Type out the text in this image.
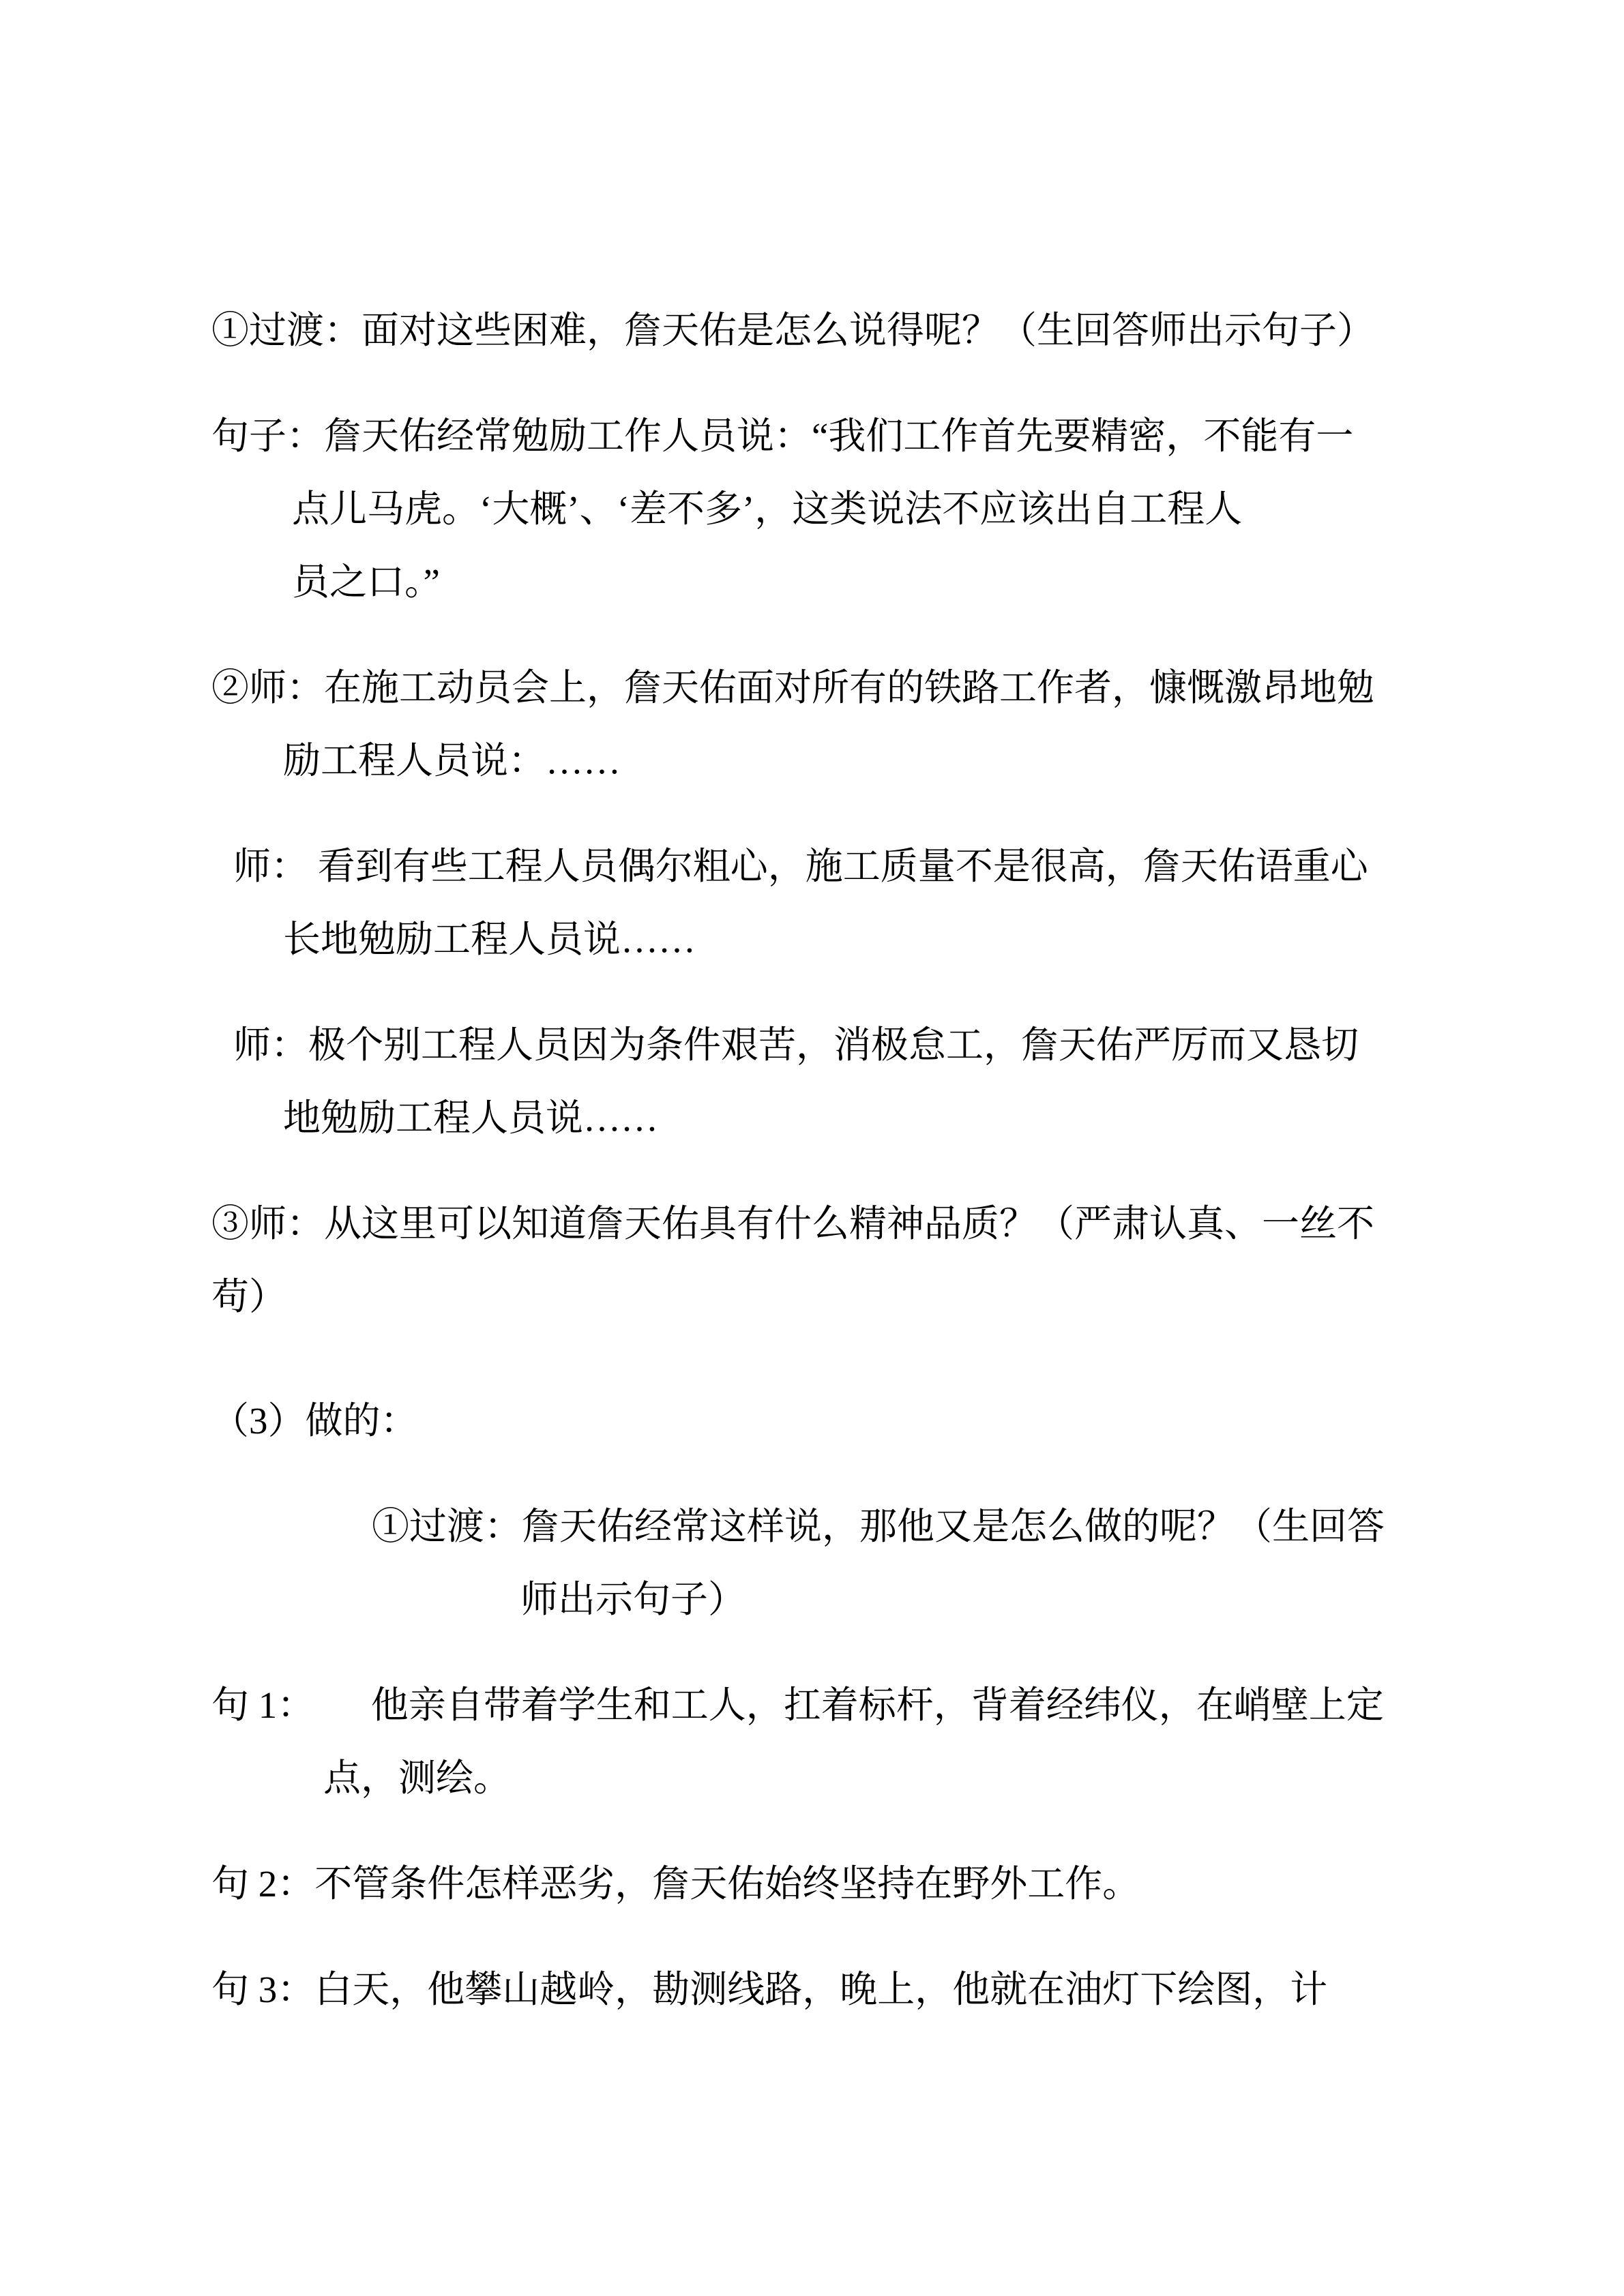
①过渡：面对这些困难，詹天佑是怎么说得呢？（生回答师出示句子）
句子：詹天佑经常勉励工作人员说：“我们工作首先要精密，不能有一
点儿马虎。‘大概’、‘差不多’，这类说法不应该出自工程人
员之口。”
②师：在施工动员会上，詹天佑面对所有的铁路工作者，慷慨激昂地勉
励工程人员说：……
师： 看到有些工程人员偶尔粗心，施工质量不是很高，詹天佑语重心
长地勉励工程人员说……
师：极个别工程人员因为条件艰苦，消极怠工，詹天佑严厉而又恳切
地勉励工程人员说……
③师：从这里可以知道詹天佑具有什么精神品质？（严肃认真、一丝不
苟）
（3）做的：
①过渡：詹天佑经常这样说，那他又是怎么做的呢？（生回答
师出示句子）
句 1：　　他亲自带着学生和工人，扛着标杆，背着经纬仪，在峭壁上定
点，测绘。
句 2：不管条件怎样恶劣，詹天佑始终坚持在野外工作。
句 3：白天，他攀山越岭，勘测线路，晚上，他就在油灯下绘图，计
